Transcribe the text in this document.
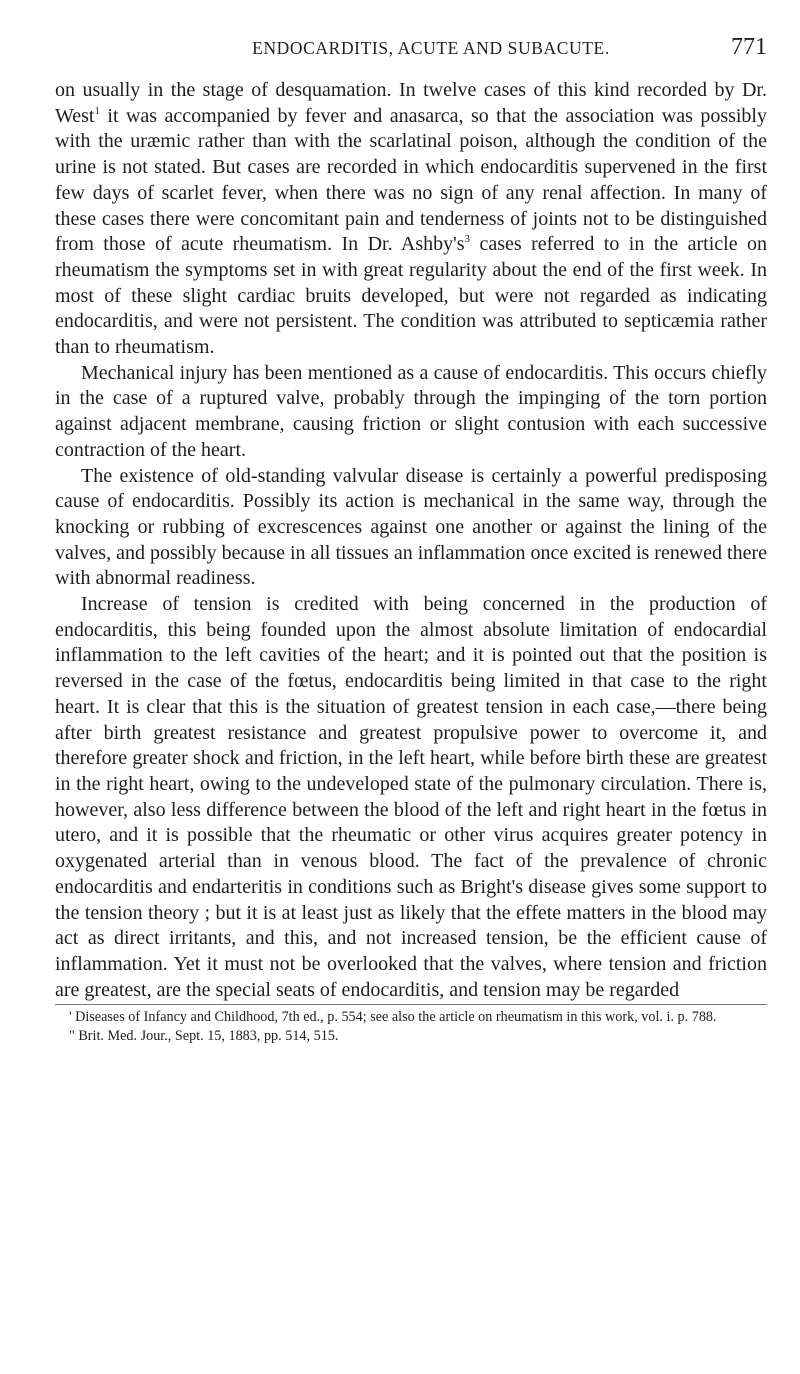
ENDOCARDITIS, ACUTE AND SUBACUTE.	771

on usually in the stage of desquamation. In twelve cases of this kind recorded by Dr. West$^1$ it was accompanied by fever and anasarca, so that the association was possibly with the uræmic rather than with the scarlatinal poison, although the condition of the urine is not stated. But cases are recorded in which endocarditis supervened in the first few days of scarlet fever, when there was no sign of any renal affection. In many of these cases there were concomitant pain and tenderness of joints not to be distinguished from those of acute rheumatism. In Dr. $Ashby's^3$ cases referred to in the article on rheumatism the symptoms set in with great regularity about the end of the first week. In most of these slight cardiac bruits developed, but were not regarded as indicating endocarditis, and were not persistent. The condition was attributed to septicæmia rather than to rheumatism.

Mechanical injury has been mentioned as a cause of endocarditis. This occurs chiefly in the case of a ruptured valve, probably through the impinging of the torn portion against adjacent membrane, causing friction or slight contusion with each successive contraction of the heart.

The existence of old-standing valvular disease is certainly a powerful predisposing cause of endocarditis. Possibly its action is mechanical in the same way, through the knocking or rubbing of excrescences against one another or against the lining of the valves, and possibly because in all tissues an inflammation once excited is renewed there with abnormal readiness.

Increase of tension is credited with being concerned in the production of endocarditis, this being founded upon the almost absolute limitation of endocardial inflammation to the left cavities of the heart; and it is pointed out that the position is reversed in the case of the fœtus, endocarditis being limited in that case to the right heart. It is clear that this is the situation of greatest tension in each case,—there being after birth greatest resistance and greatest propulsive power to overcome it, and therefore greater shock and friction, in the left heart, while before birth these are greatest in the right heart, owing to the undeveloped state of the pulmonary circulation. There is, however, also less difference between the blood of the left and right heart in the fœtus in utero, and it is possible that the rheumatic or other virus acquires greater potency in oxygenated arterial than in venous blood. The fact of the prevalence of chronic endocarditis and endarteritis in conditions such as Bright's disease gives some support to the tension theory ; but it is at least just as likely that the effete matters in the blood may act as direct irritants, and this, and not increased tension, be the efficient cause of inflammation. Yet it must not be overlooked that the valves, where tension and friction are greatest, are the special seats of endocarditis, and tension may be regarded

' Diseases of Infancy and Childhood, 7th ed., p. 554; see also the article on rheumatism in this work, vol. i. p. 788.

" Brit. Med. Jour., Sept. 15, 1883, pp. 514, 515.
